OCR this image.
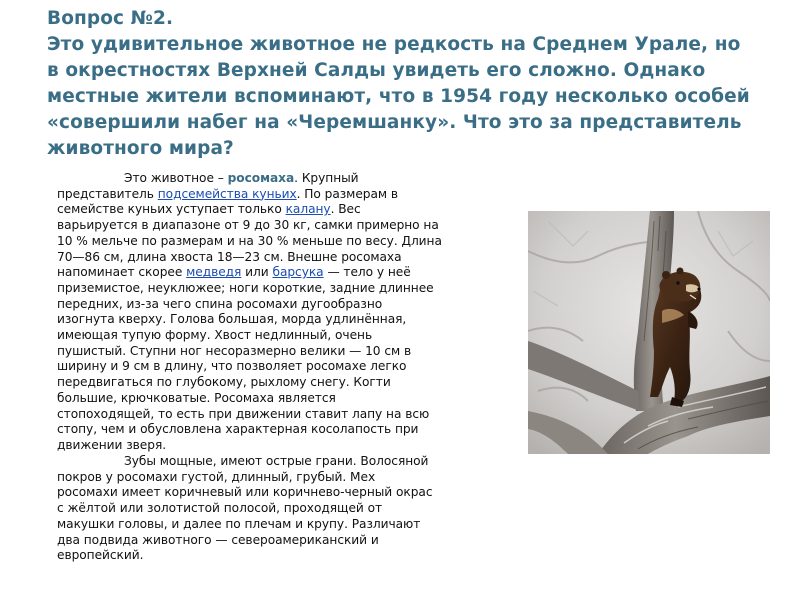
Вопрос №2.
Это удивительное животное не редкость на Среднем Урале, но
в окрестностях Верхней Салды увидеть его сложно. Однако
местные жители вспоминают, что в 1954 году несколько особей
«совершили набег на «Черемшанку». Что это за представитель
животного мира?
Это животное – росомаха. Крупный
представитель подсемейства куньих. По размерам в
семействе куньих уступает только калану. Вес
варьируется в диапазоне от 9 до 30 кг, самки примерно на
10 % мельче по размерам и на 30 % меньше по весу. Длина
70—86 см, длина хвоста 18—23 см. Внешне росомаха
напоминает скорее медведя или барсука — тело у неё
приземистое, неуклюжее; ноги короткие, задние длиннее
передних, из-за чего спина росомахи дугообразно
изогнута кверху. Голова большая, морда удлинённая,
имеющая тупую форму. Хвост недлинный, очень
пушистый. Ступни ног несоразмерно велики — 10 см в
ширину и 9 см в длину, что позволяет росомахе легко
передвигаться по глубокому, рыхлому снегу. Когти
большие, крючковатые. Росомаха является
стопоходящей, то есть при движении ставит лапу на всю
стопу, чем и обусловлена характерная косолапость при
движении зверя.
Зубы мощные, имеют острые грани. Волосяной
покров у росомахи густой, длинный, грубый. Мех
росомахи имеет коричневый или коричнево-черный окрас
с жёлтой или золотистой полосой, проходящей от
макушки головы, и далее по плечам и крупу. Различают
два подвида животного — североамериканский и
европейский.
